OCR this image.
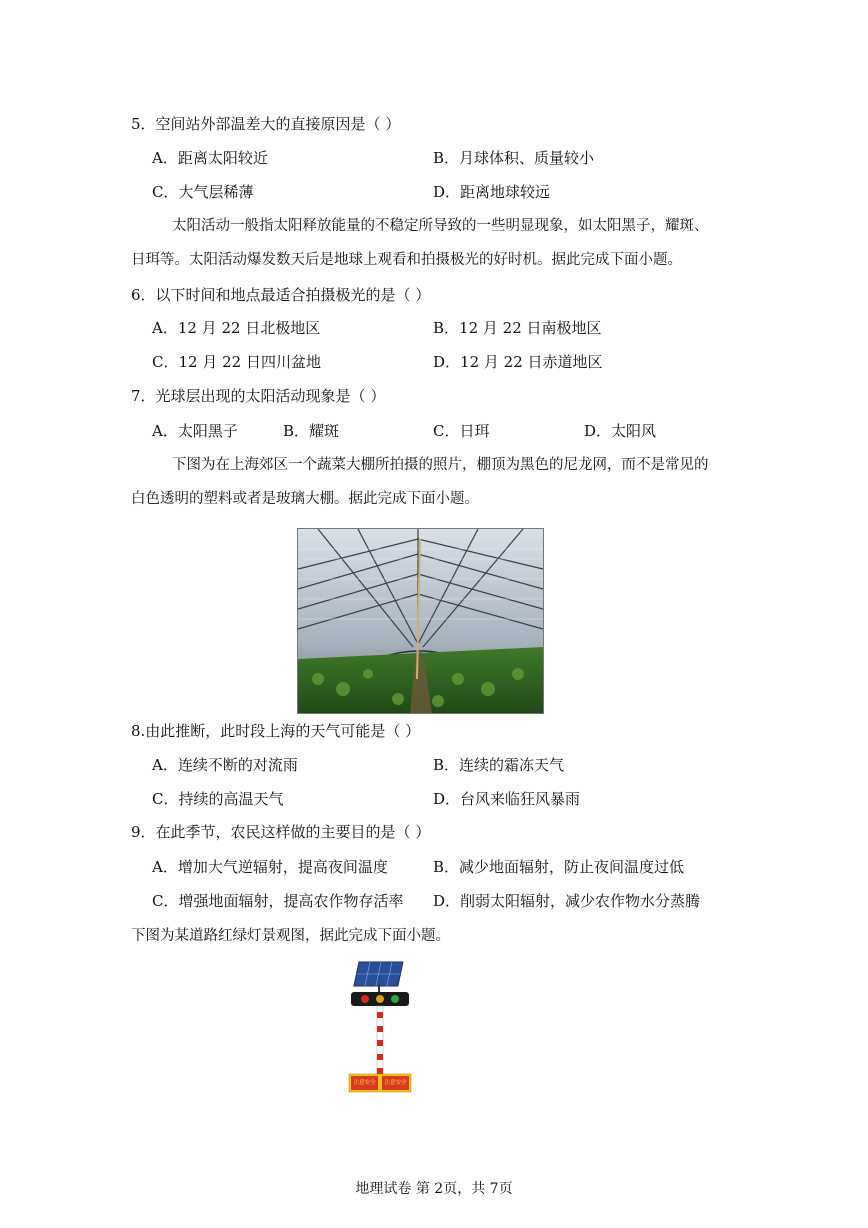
5．空间站外部温差大的直接原因是（ ）
A．距离太阳较近	B．月球体积、质量较小
C．大气层稀薄	D．距离地球较远
太阳活动一般指太阳释放能量的不稳定所导致的一些明显现象，如太阳黑子，耀斑、
日珥等。太阳活动爆发数天后是地球上观看和拍摄极光的好时机。据此完成下面小题。
6．以下时间和地点最适合拍摄极光的是（ ）
A．12 月 22 日北极地区	B．12 月 22 日南极地区
C．12 月 22 日四川盆地	D．12 月 22 日赤道地区
7．光球层出现的太阳活动现象是（ ）
A．太阳黑子	B．耀斑	C．日珥	D．太阳风
下图为在上海郊区一个蔬菜大棚所拍摄的照片，棚顶为黑色的尼龙网，而不是常见的
白色透明的塑料或者是玻璃大棚。据此完成下面小题。
8.由此推断，此时段上海的天气可能是（ ）
A．连续不断的对流雨	B．连续的霜冻天气
C．持续的高温天气	D．台风来临狂风暴雨
9．在此季节，农民这样做的主要目的是（ ）
A．增加大气逆辐射，提高夜间温度	B．减少地面辐射，防止夜间温度过低
C．增强地面辐射，提高农作物存活率 D．削弱太阳辐射，减少农作物水分蒸腾
下图为某道路红绿灯景观图，据此完成下面小题。
注意安全	注意安全
地理试卷 第 2页，共 7页
